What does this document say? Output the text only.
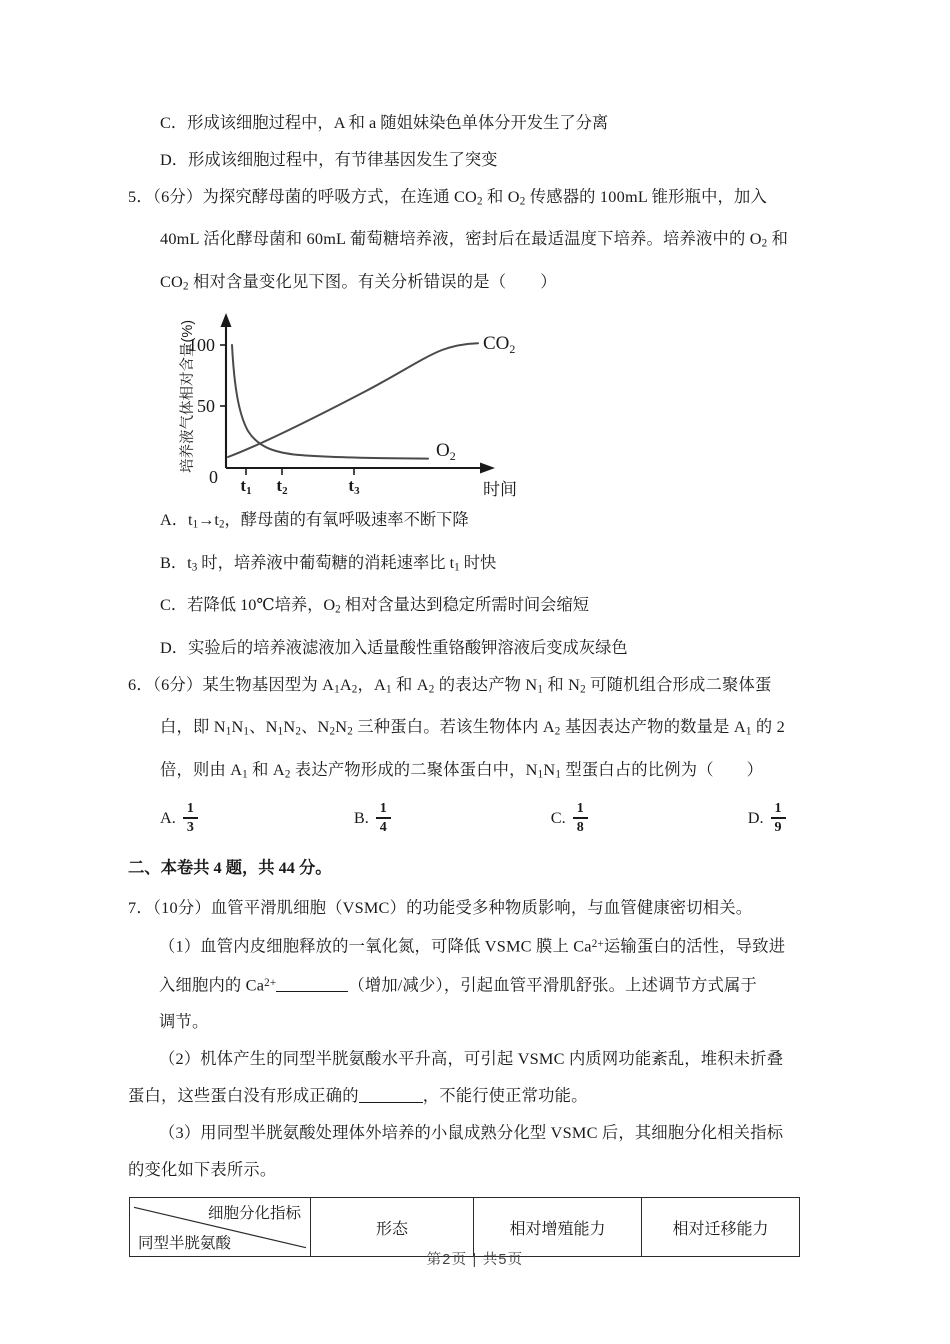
C．形成该细胞过程中，A 和 a 随姐妹染色单体分开发生了分离
D．形成该细胞过程中，有节律基因发生了突变
5．（6分）为探究酵母菌的呼吸方式，在连通 $CO_2$ 和 $O_2$ 传感器的 100mL 锥形瓶中，加入
40mL 活化酵母菌和 60mL 葡萄糖培养液，密封后在最适温度下培养。培养液中的 $O_2$ 和
$CO_2$ 相对含量变化见下图。有关分析错误的是（ ）
100
50
0 t1 t2	t3	时间
$CO_2$
$O_2$
培养液气体相对含量(%)
A．$t_1\to t_2$，酵母菌的有氧呼吸速率不断下降
B．$t_3$ 时，培养液中葡萄糖的消耗速率比 $t_1$ 时快
C．若降低 10℃培养，$O_2$ 相对含量达到稳定所需时间会缩短
D．实验后的培养液滤液加入适量酸性重铬酸钾溶液后变成灰绿色
6．（6分）某生物基因型为 $A_1A_2$，$A_1$ 和 $A_2$ 的表达产物 $N_1$ 和 $N_2$ 可随机组合形成二聚体蛋
白，即 $N_1N_1$、$N_1N_2$、$N_2N_2$ 三种蛋白。若该生物体内 $A_2$ 基因表达产物的数量是 $A_1$ 的 2
倍，则由 $A_1$ 和 $A_2$ 表达产物形成的二聚体蛋白中，$N_1N_1$ 型蛋白占的比例为（　　）
A. $\frac{1}{3}$	B. $\frac{1}{4}$	C. $\frac{1}{8}$	D. $\frac{1}{9}$
二、本卷共 4 题，共 44 分。
7．（10分）血管平滑肌细胞（VSMC）的功能受多种物质影响，与血管健康密切相关。
（1）血管内皮细胞释放的一氧化氮，可降低 VSMC 膜上 $Ca^{2+}$运输蛋白的活性，导致进
入细胞内的 $Ca^{2+}$	（增加/减少），引起血管平滑肌舒张。上述调节方式属于
调节。
（2）机体产生的同型半胱氨酸水平升高，可引起 VSMC 内质网功能紊乱，堆积未折叠
蛋白，这些蛋白没有形成正确的	，不能行使正常功能。
（3）用同型半胱氨酸处理体外培养的小鼠成熟分化型 VSMC 后，其细胞分化相关指标
的变化如下表所示。
细胞分化指标
同型半胱氨酸
	形态	相对增殖能力	相对迁移能力
第2页 | 共5页
